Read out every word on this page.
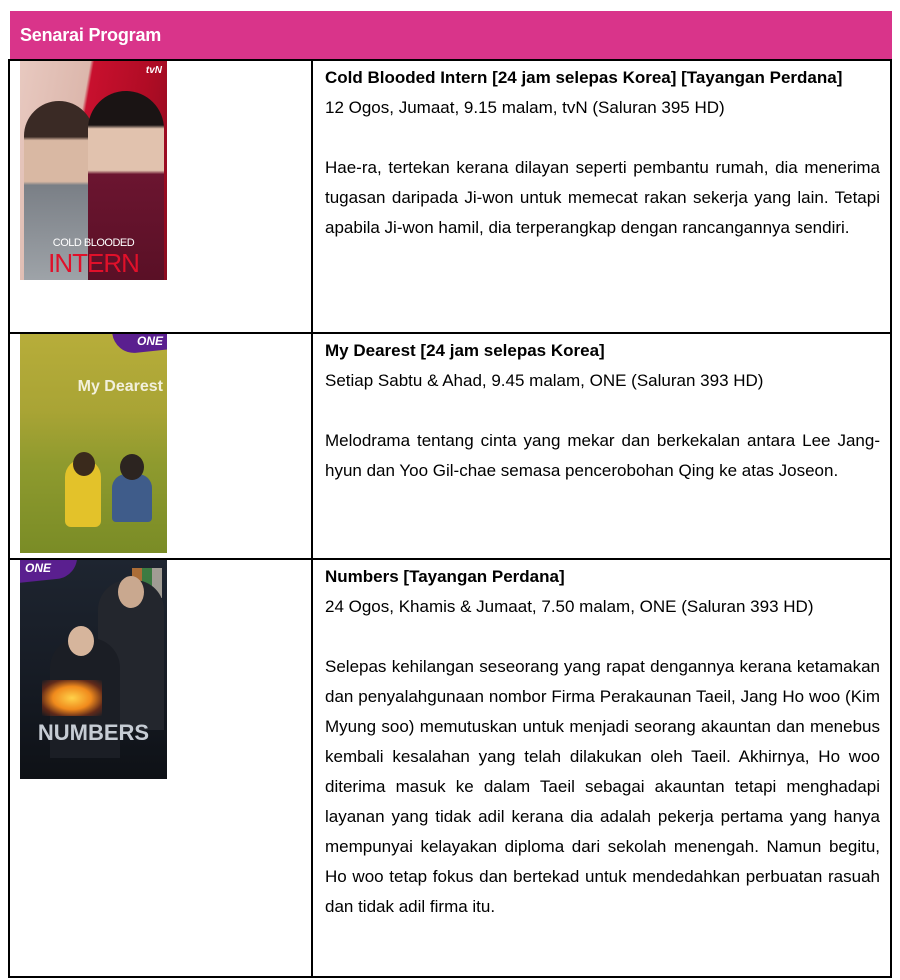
Senarai Program
tvN
COLD BLOODED
INTERN
Cold Blooded Intern [24 jam selepas Korea] [Tayangan Perdana]
12 Ogos, Jumaat, 9.15 malam, tvN (Saluran 395 HD)
Hae-ra, tertekan kerana dilayan seperti pembantu rumah, dia menerima tugasan daripada Ji-won untuk memecat rakan sekerja yang lain. Tetapi apabila Ji-won hamil, dia terperangkap dengan rancangannya sendiri.
ONE
My Dearest
My Dearest [24 jam selepas Korea]
Setiap Sabtu & Ahad, 9.45 malam, ONE (Saluran 393 HD)
Melodrama tentang cinta yang mekar dan berkekalan antara Lee Jang-hyun dan Yoo Gil-chae semasa pencerobohan Qing ke atas Joseon.
ONE
NUMBERS
Numbers [Tayangan Perdana]
24 Ogos, Khamis & Jumaat, 7.50 malam, ONE (Saluran 393 HD)
Selepas kehilangan seseorang yang rapat dengannya kerana ketamakan dan penyalahgunaan nombor Firma Perakaunan Taeil, Jang Ho woo (Kim Myung soo) memutuskan untuk menjadi seorang akauntan dan menebus kembali kesalahan yang telah dilakukan oleh Taeil. Akhirnya, Ho woo diterima masuk ke dalam Taeil sebagai akauntan tetapi menghadapi layanan yang tidak adil kerana dia adalah pekerja pertama yang hanya mempunyai kelayakan diploma dari sekolah menengah. Namun begitu, Ho woo tetap fokus dan bertekad untuk mendedahkan perbuatan rasuah dan tidak adil firma itu.
